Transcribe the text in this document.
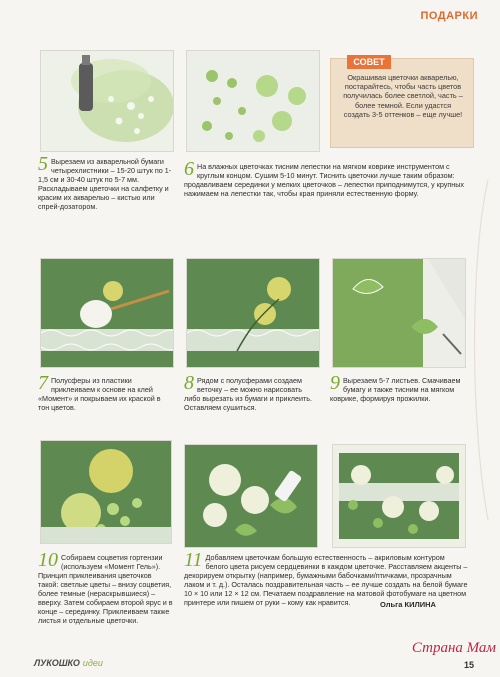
ПОДАРКИ
СОВЕТ
Окрашивая цветочки акварелью, постарайтесь, чтобы часть цветов получилась более светлой, часть – более темной. Если удастся создать 3-5 оттенков – еще лучше!
5 Вырезаем из акварельной бумаги четырехлистники – 15-20 штук по 1-1,5 см и 30-40 штук по 5-7 мм. Раскладываем цветочки на салфетку и красим их акварелью – кистью или спрей-дозатором.
6 На влажных цветочках тисним лепестки на мягком коврике инструментом с круглым концом. Сушим 5-10 минут. Тиснить цветочки лучше таким образом: продавливаем серединки у мелких цветочков – лепестки приподнимутся, у крупных нажимаем на лепестки так, чтобы края приняли естественную форму.
7 Полусферы из пластики приклеиваем к основе на клей «Момент» и покрываем их краской в тон цветов.
8 Рядом с полусферами создаем веточку – ее можно нарисовать либо вырезать из бумаги и приклеить. Оставляем сушиться.
9 Вырезаем 5-7 листьев. Смачиваем бумагу и также тисним на мягком коврике, формируя прожилки.
10 Собираем соцветия гортензии (используем «Момент Гель»). Принцип приклеивания цветочков такой: светлые цветы – внизу соцветия, более темные (нераскрывшиеся) – вверху. Затем собираем второй ярус и в конце – серединку. Приклеиваем также листья и отдельные цветочки.
11 Добавляем цветочкам большую естественность – акриловым контуром белого цвета рисуем сердцевинки в каждом цветочке. Расставляем акценты – декорируем открытку (например, бумажными бабочками/птичками, прозрачным лаком и т. д.). Осталась поздравительная часть – ее лучше создать на белой бумаге 10 × 10 или 12 × 12 см. Печатаем поздравление на матовой фотобумаге на цветном принтере или пишем от руки – кому как нравится.	Ольга КИЛИНА
ЛУКОШКО идеи
Страна Мам
15
